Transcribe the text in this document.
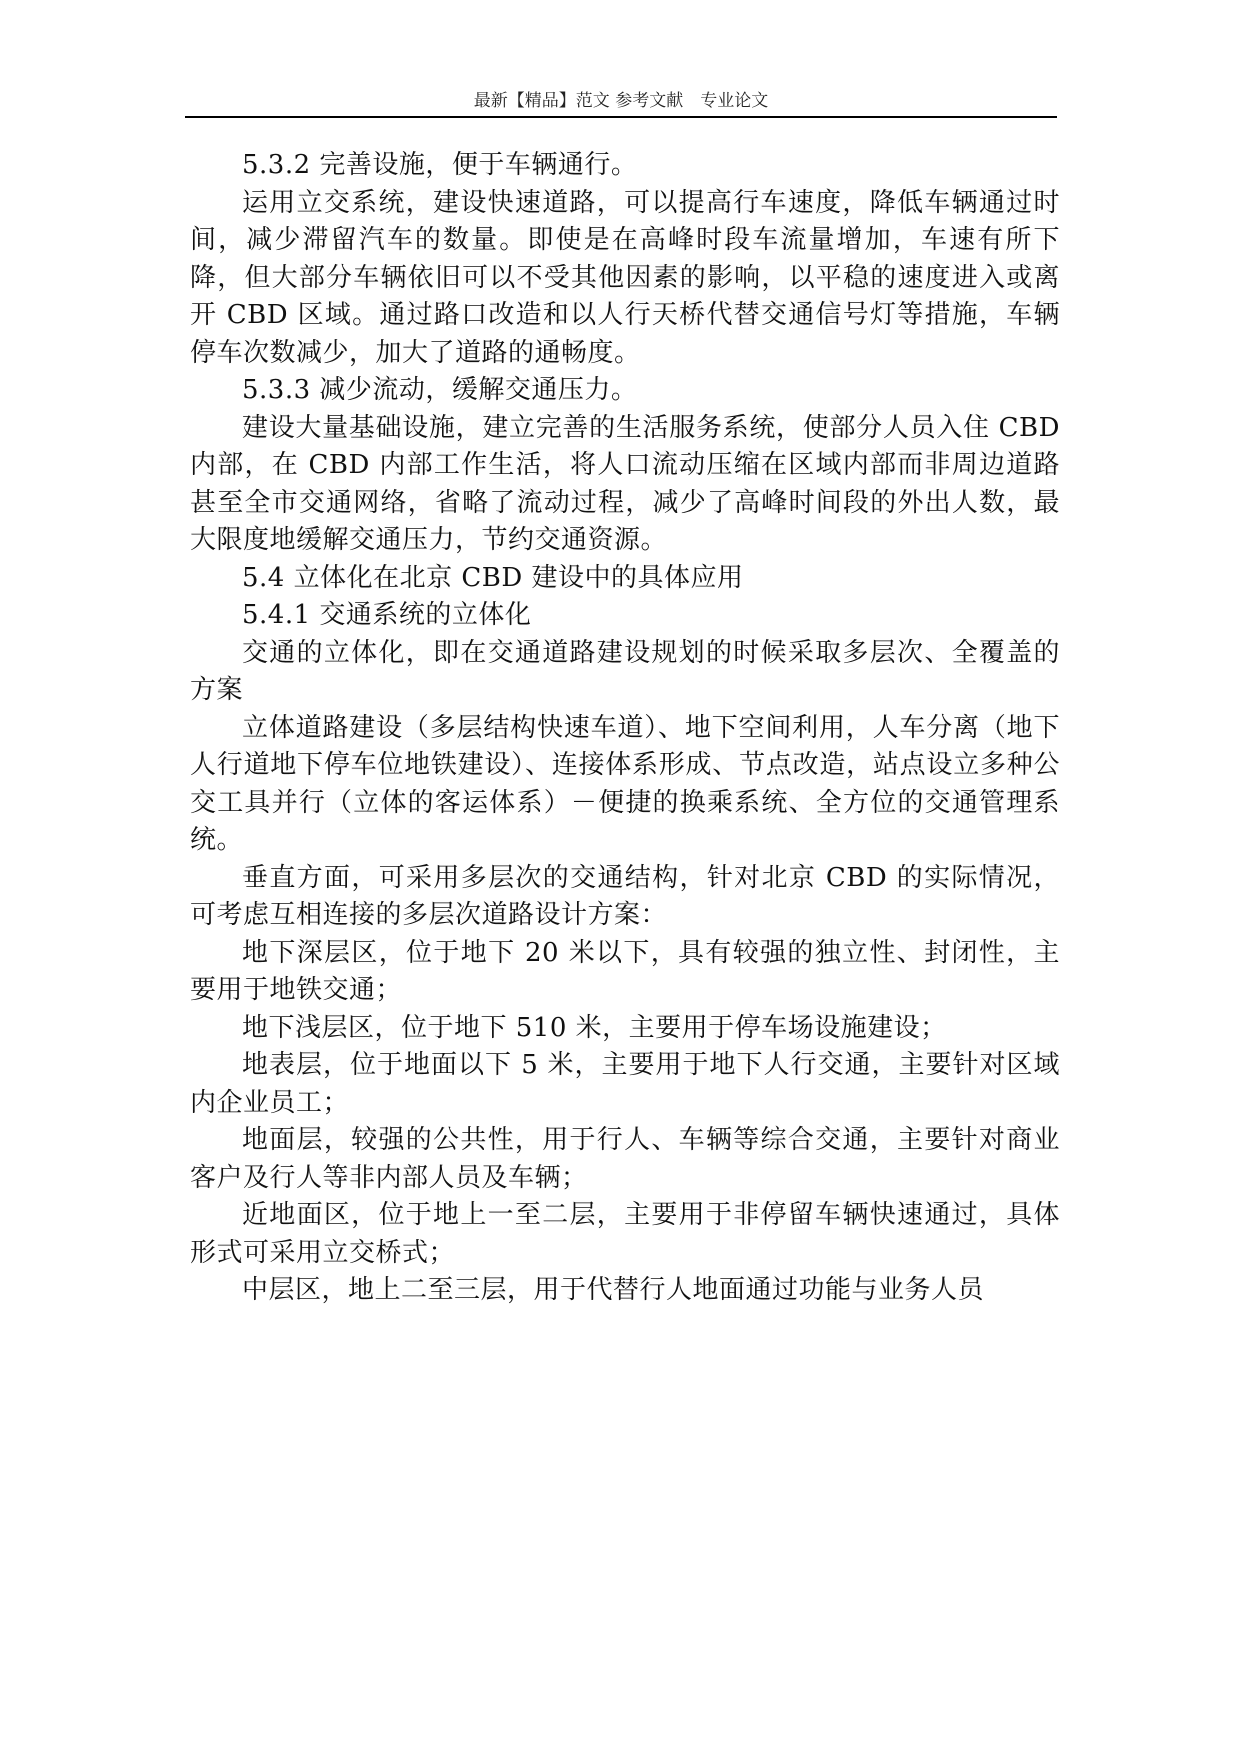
最新【精品】范文 参考文献　专业论文

5.3.2 完善设施，便于车辆通行。

运用立交系统，建设快速道路，可以提高行车速度，降低车辆通过时间，减少滞留汽车的数量。即使是在高峰时段车流量增加，车速有所下降，但大部分车辆依旧可以不受其他因素的影响，以平稳的速度进入或离开 CBD 区域。通过路口改造和以人行天桥代替交通信号灯等措施，车辆停车次数减少，加大了道路的通畅度。

5.3.3 减少流动，缓解交通压力。

建设大量基础设施，建立完善的生活服务系统，使部分人员入住 CBD 内部，在 CBD 内部工作生活，将人口流动压缩在区域内部而非周边道路甚至全市交通网络，省略了流动过程，减少了高峰时间段的外出人数，最大限度地缓解交通压力，节约交通资源。

5.4 立体化在北京 CBD 建设中的具体应用

5.4.1 交通系统的立体化

交通的立体化，即在交通道路建设规划的时候采取多层次、全覆盖的方案

立体道路建设（多层结构快速车道）、地下空间利用，人车分离（地下人行道地下停车位地铁建设）、连接体系形成、节点改造，站点设立多种公交工具并行（立体的客运体系）－便捷的换乘系统、全方位的交通管理系统。

垂直方面，可采用多层次的交通结构，针对北京 CBD 的实际情况，可考虑互相连接的多层次道路设计方案：

地下深层区，位于地下 20 米以下，具有较强的独立性、封闭性，主要用于地铁交通；

地下浅层区，位于地下 510 米，主要用于停车场设施建设；

地表层，位于地面以下 5 米，主要用于地下人行交通，主要针对区域内企业员工；

地面层，较强的公共性，用于行人、车辆等综合交通，主要针对商业客户及行人等非内部人员及车辆；

近地面区，位于地上一至二层，主要用于非停留车辆快速通过，具体形式可采用立交桥式；

中层区，地上二至三层，用于代替行人地面通过功能与业务人员
